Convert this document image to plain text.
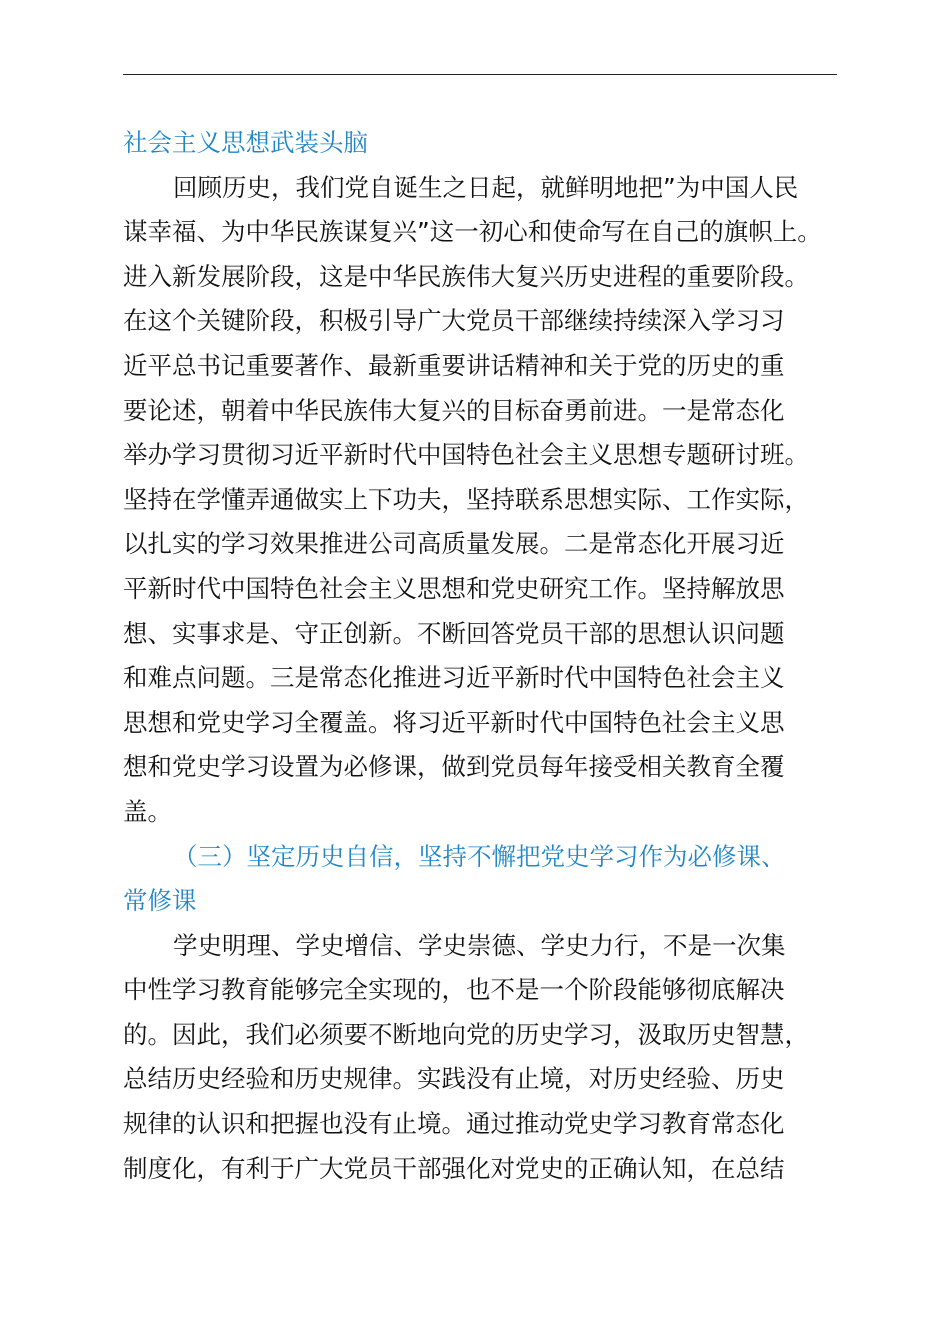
社会主义思想武装头脑
回顾历史，我们党自诞生之日起，就鲜明地把”为中国人民
谋幸福、为中华民族谋复兴”这一初心和使命写在自己的旗帜上。
进入新发展阶段，这是中华民族伟大复兴历史进程的重要阶段。
在这个关键阶段，积极引导广大党员干部继续持续深入学习习
近平总书记重要著作、最新重要讲话精神和关于党的历史的重
要论述，朝着中华民族伟大复兴的目标奋勇前进。一是常态化
举办学习贯彻习近平新时代中国特色社会主义思想专题研讨班。
坚持在学懂弄通做实上下功夫，坚持联系思想实际、工作实际，
以扎实的学习效果推进公司高质量发展。二是常态化开展习近
平新时代中国特色社会主义思想和党史研究工作。坚持解放思
想、实事求是、守正创新。不断回答党员干部的思想认识问题
和难点问题。三是常态化推进习近平新时代中国特色社会主义
思想和党史学习全覆盖。将习近平新时代中国特色社会主义思
想和党史学习设置为必修课，做到党员每年接受相关教育全覆
盖。
（三）坚定历史自信，坚持不懈把党史学习作为必修课、
常修课
学史明理、学史增信、学史崇德、学史力行，不是一次集
中性学习教育能够完全实现的，也不是一个阶段能够彻底解决
的。因此，我们必须要不断地向党的历史学习，汲取历史智慧，
总结历史经验和历史规律。实践没有止境，对历史经验、历史
规律的认识和把握也没有止境。通过推动党史学习教育常态化
制度化，有利于广大党员干部强化对党史的正确认知，在总结
